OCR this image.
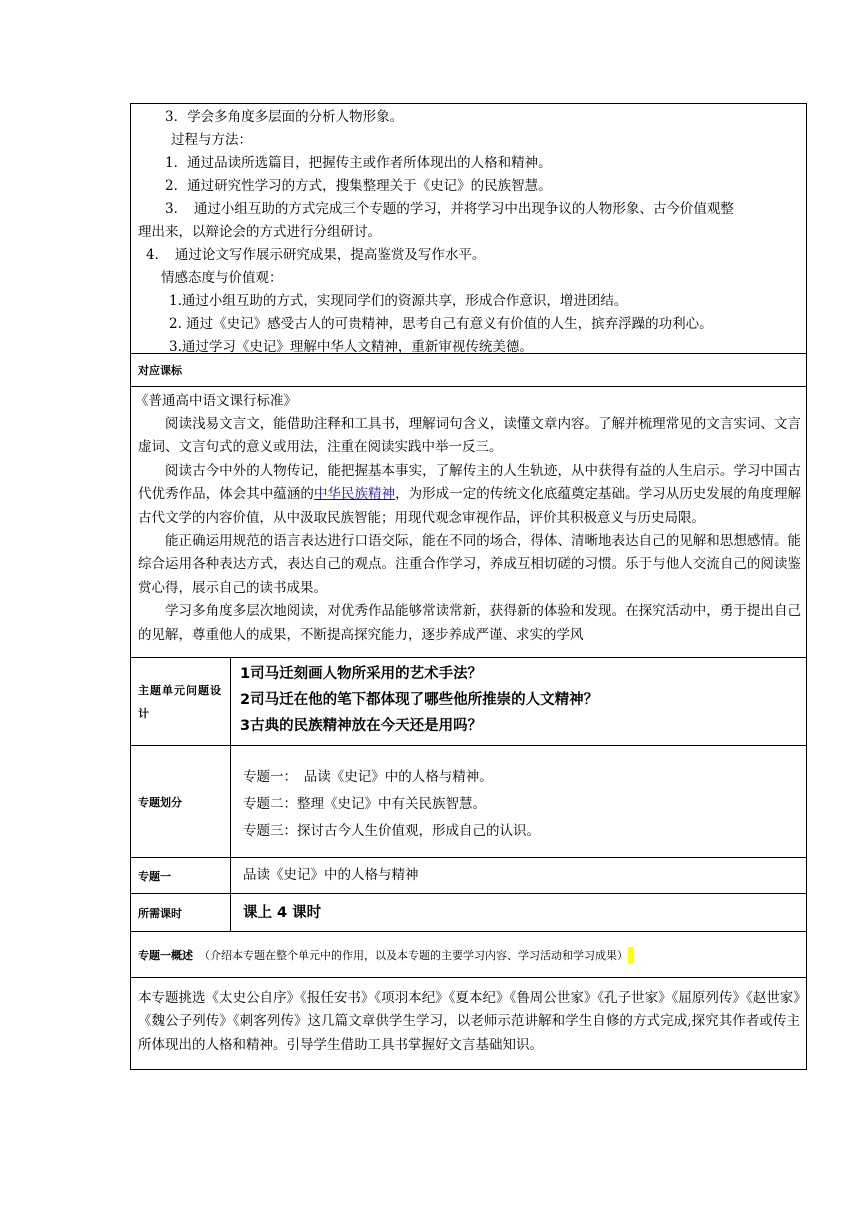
3．学会多角度多层面的分析人物形象。
过程与方法：
1．通过品读所选篇目，把握传主或作者所体现出的人格和精神。
2．通过研究性学习的方式，搜集整理关于《史记》的民族智慧。
3．　通过小组互助的方式完成三个专题的学习，并将学习中出现争议的人物形象、古今价值观整
理出来，以辩论会的方式进行分组研讨。
4．　通过论文写作展示研究成果，提高鉴赏及写作水平。
情感态度与价值观：
1.通过小组互助的方式，实现同学们的资源共享，形成合作意识，增进团结。
2. 通过《史记》感受古人的可贵精神，思考自己有意义有价值的人生，摈弃浮躁的功利心。
3.通过学习《史记》理解中华人文精神，重新审视传统美德。
对应课标
《普通高中语文课行标准》
阅读浅易文言文，能借助注释和工具书，理解词句含义，读懂文章内容。了解并梳理常见的文言实词、文言虚词、文言句式的意义或用法，注重在阅读实践中举一反三。
阅读古今中外的人物传记，能把握基本事实，了解传主的人生轨迹，从中获得有益的人生启示。学习中国古代优秀作品，体会其中蕴涵的中华民族精神，为形成一定的传统文化底蕴奠定基础。学习从历史发展的角度理解古代文学的内容价值，从中汲取民族智能；用现代观念审视作品，评价其积极意义与历史局限。
能正确运用规范的语言表达进行口语交际，能在不同的场合，得体、清晰地表达自己的见解和思想感情。能综合运用各种表达方式，表达自己的观点。注重合作学习，养成互相切磋的习惯。乐于与他人交流自己的阅读鉴赏心得，展示自己的读书成果。
学习多角度多层次地阅读，对优秀作品能够常读常新，获得新的体验和发现。在探究活动中，勇于提出自己的见解，尊重他人的成果，不断提高探究能力，逐步养成严谨、求实的学风
主题单元问题设计
1司马迁刻画人物所采用的艺术手法？
2司马迁在他的笔下都体现了哪些他所推崇的人文精神？
3古典的民族精神放在今天还是用吗？
专题划分
专题一：　品读《史记》中的人格与精神。
专题二：整理《史记》中有关民族智慧。
专题三：探讨古今人生价值观，形成自己的认识。
专题一	品读《史记》中的人格与精神
所需课时	课上 4 课时
专题一概述 （介绍本专题在整个单元中的作用，以及本专题的主要学习内容、学习活动和学习成果）
本专题挑选《太史公自序》《报任安书》《项羽本纪》《夏本纪》《鲁周公世家》《孔子世家》《屈原列传》《赵世家》《魏公子列传》《刺客列传》这几篇文章供学生学习，以老师示范讲解和学生自修的方式完成,探究其作者或传主所体现出的人格和精神。引导学生借助工具书掌握好文言基础知识。
